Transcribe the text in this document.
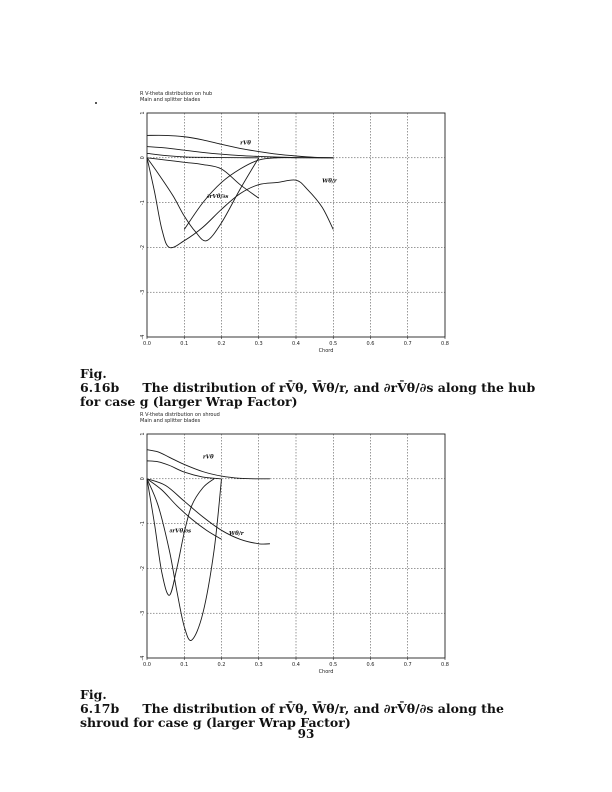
R V-theta distribution on hub
Main and splitter blades
0.0	0.1	0.2	0.3	0.4	0.5	0.6	0.7	0.8
1
0
-1
-2
-3
-4
Chord
rVθ
Wθ/r
∂rVθ/∂s
Fig. 6.16b The distribution of rV̄θ, W̄θ/r, and ∂rV̄θ/∂s along the hub for case g (larger Wrap Factor)
R V-theta distribution on shroud
Main and splitter blades
0.0	0.1	0.2	0.3	0.4	0.5	0.6	0.7	0.8
1
0
-1
-2
-3
-4
Chord
rVθ
∂rVθ/∂s	Wθ/r
Fig. 6.17b The distribution of rV̄θ, W̄θ/r, and ∂rV̄θ/∂s along the shroud for case g (larger Wrap Factor)
93
